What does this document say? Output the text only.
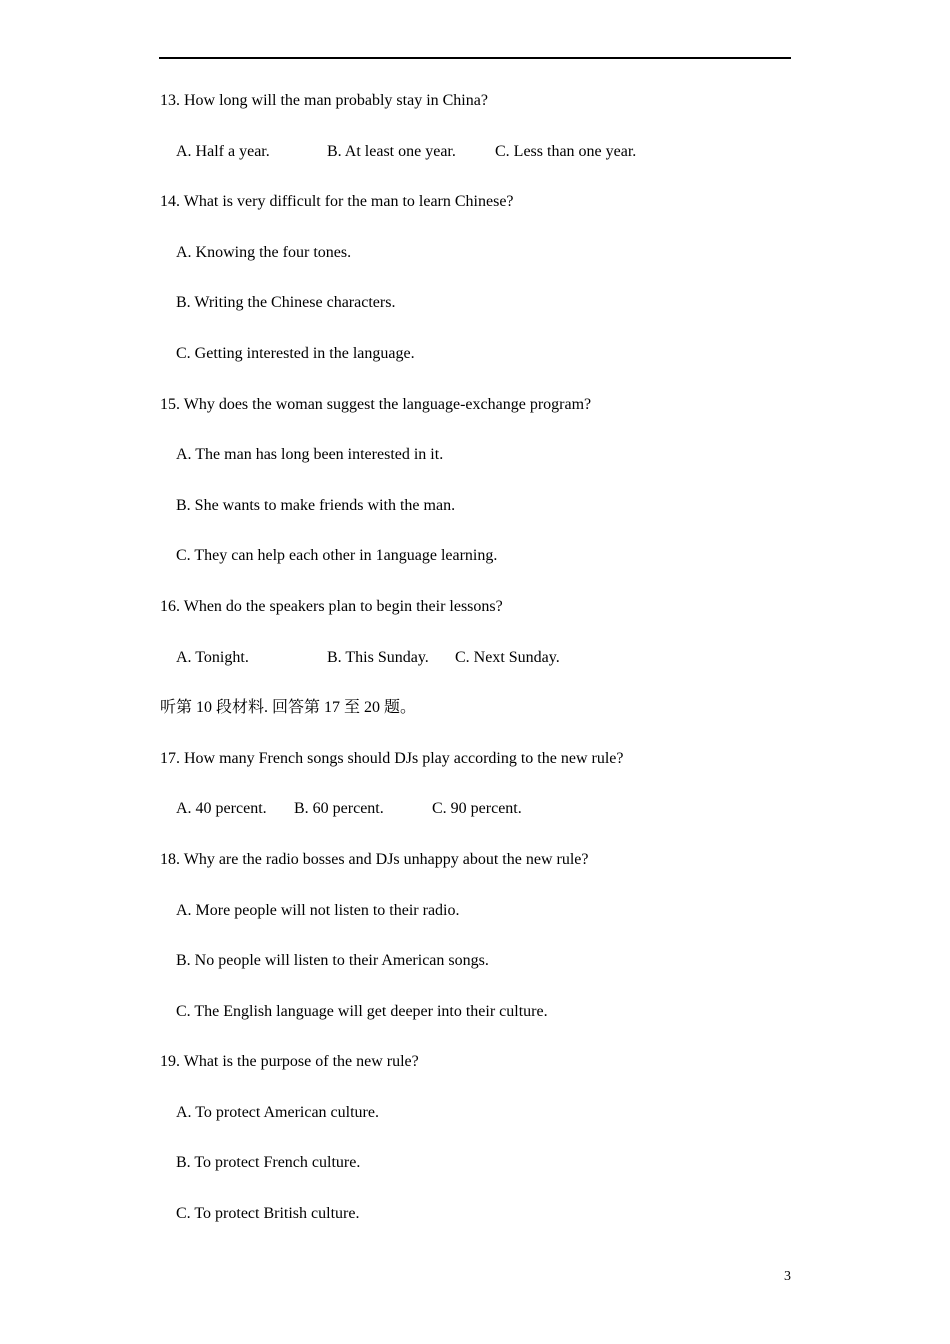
13. How long will the man probably stay in China?
A. Half a year.	B. At least one year. C. Less than one year.
14. What is very difficult for the man to learn Chinese?
A. Knowing the four tones.
B. Writing the Chinese characters.
C. Getting interested in the language.
15. Why does the woman suggest the language-exchange program?
A. The man has long been interested in it.
B. She wants to make friends with the man.
C. They can help each other in 1anguage learning.
16. When do the speakers plan to begin their lessons?
A. Tonight.	B. This Sunday. C. Next Sunday.
听第 10 段材料. 回答第 17 至 20 题。
17. How many French songs should DJs play according to the new rule?
A. 40 percent. B. 60 percent.	C. 90 percent.
18. Why are the radio bosses and DJs unhappy about the new rule?
A. More people will not listen to their radio.
B. No people will listen to their American songs.
C. The English language will get deeper into their culture.
19. What is the purpose of the new rule?
A. To protect American culture.
B. To protect French culture.
C. To protect British culture.
3
